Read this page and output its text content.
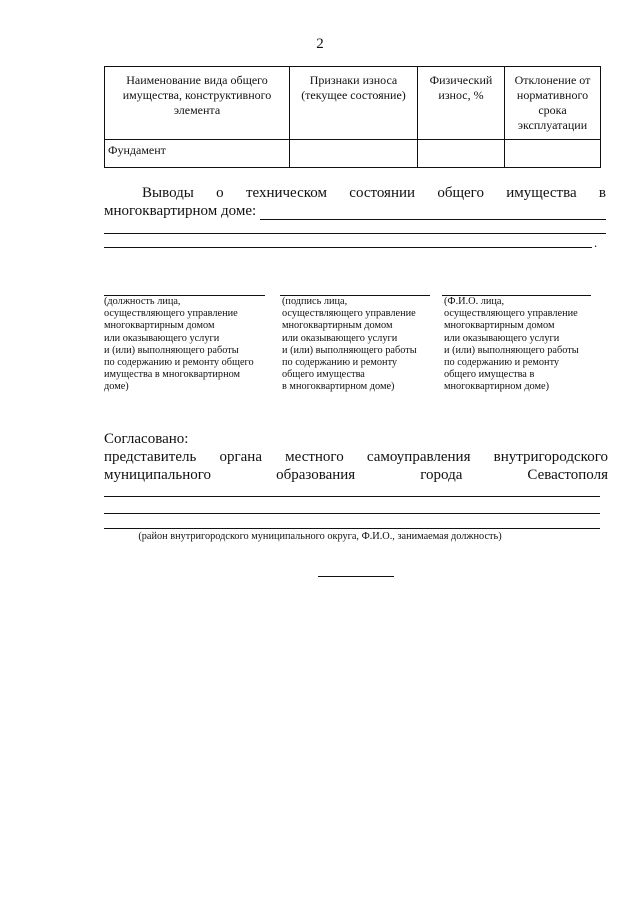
2
Наименование вида общего имущества, конструктивного элемента	Признаки износа (текущее состояние)	Физический износ, %	Отклонение от нормативного срока эксплуатации
Фундамент			
Выводы о техническом состоянии общего имущества в
многоквартирном доме:
.
(должность лица,
осуществляющего управление
многоквартирным домом
или оказывающего услуги
и (или) выполняющего работы
по содержанию и ремонту общего
имущества в многоквартирном
доме)
(подпись лица,
осуществляющего управление
многоквартирным домом
или оказывающего услуги
и (или) выполняющего работы
по содержанию и ремонту
общего имущества
в многоквартирном доме)
(Ф.И.О. лица,
осуществляющего управление
многоквартирным домом
или оказывающего услуги
и (или) выполняющего работы
по содержанию и ремонту
общего имущества в
многоквартирном доме)
Согласовано:
представитель органа местного самоуправления внутригородского
муниципального	образования	города	Севастополя
(район внутригородского муниципального округа, Ф.И.О., занимаемая должность)
